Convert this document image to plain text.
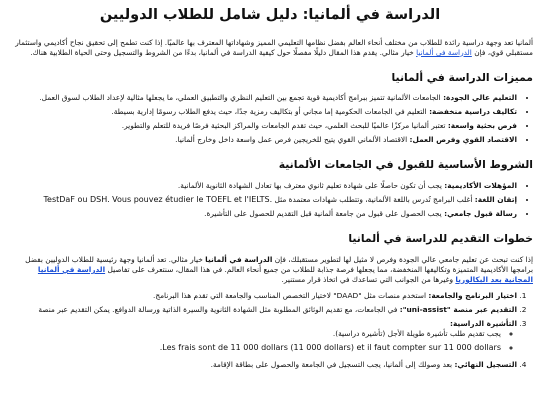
الدراسة في ألمانيا: دليل شامل للطلاب الدوليين

ألمانيا تعد وجهة دراسية رائدة للطلاب من مختلف أنحاء العالم بفضل نظامها التعليمي المميز وشهاداتها المعترف بها عالميًا. إذا كنت تطمح إلى تحقيق نجاح أكاديمي واستثمار مستقبلي قوي، فإن الدراسة في ألمانيا خيار مثالي. يقدم هذا المقال دليلًا مفصلًا حول كيفية الدراسة في ألمانيا، بدءًا من الشروط والتسجيل وحتى الحياة الطلابية هناك.

مميزات الدراسة في ألمانيا
• التعليم عالي الجودة: الجامعات الألمانية تتميز ببرامج أكاديمية قوية تجمع بين التعليم النظري والتطبيق العملي، ما يجعلها مثالية لإعداد الطلاب لسوق العمل.
• تكاليف دراسية منخفضة: التعليم في الجامعات الحكومية إما مجاني أو بتكاليف رمزية جدًا، حيث يدفع الطلاب رسومًا إدارية بسيطة.
• فرص بحثية واسعة: تعتبر ألمانيا مركزًا عالميًا للبحث العلمي، حيث تقدم الجامعات والمراكز البحثية فرصًا فريدة للتعلم والتطوير.
• الاقتصاد القوي وفرص العمل: الاقتصاد الألماني القوي يتيح للخريجين فرص عمل واسعة داخل وخارج ألمانيا.
الشروط الأساسية للقبول في الجامعات الألمانية
• المؤهلات الأكاديمية: يجب أن تكون حاصلًا على شهادة تعليم ثانوي معترف بها تعادل الشهادة الثانوية الألمانية.
• إتقان اللغة: أغلب البرامج تُدرس باللغة الألمانية، وتتطلب شهادات معتمدة مثل TestDaF ou DSH. Vous pouvez étudier le TOEFL et l'IELTS.
• رسالة قبول جامعي: يجب الحصول على قبول من جامعة ألمانية قبل التقديم للحصول على التأشيرة.
خطوات التقديم للدراسة في ألمانيا

إذا كنت تبحث عن تعليم جامعي عالي الجودة وفرص لا مثيل لها لتطوير مستقبلك، فإن الدراسة في ألمانيا خيار مثالي. تعد ألمانيا وجهة رئيسية للطلاب الدوليين بفضل برامجها الأكاديمية المتميزة وتكاليفها المنخفضة، مما يجعلها فرصة جذابة للطلاب من جميع أنحاء العالم. في هذا المقال، سنتعرف على تفاصيل الدراسة في ألمانيا المجانية بعد البكالوريا وغيرها من الجوانب التي تساعدك في اتخاذ قرار مستنير.

1. اختيار البرنامج والجامعة: استخدم منصات مثل "DAAD" لاختيار التخصص المناسب والجامعة التي تقدم هذا البرنامج.
2. التقديم عبر منصة "uni-assist": في الجامعات، مع تقديم الوثائق المطلوبة مثل الشهادة الثانوية والسيرة الذاتية ورسالة الدوافع. يمكن التقديم عبر منصة
3. التأشيرة الدراسية:
◦ يجب تقديم طلب تأشيرة طويلة الأجل (تأشيرة دراسية).
◦ Les frais sont de 11 000 dollars (11 000 dollars) et il faut compter sur 11 000 dollars.
4. التسجيل النهائي: بعد وصولك إلى ألمانيا، يجب التسجيل في الجامعة والحصول على بطاقة الإقامة.
